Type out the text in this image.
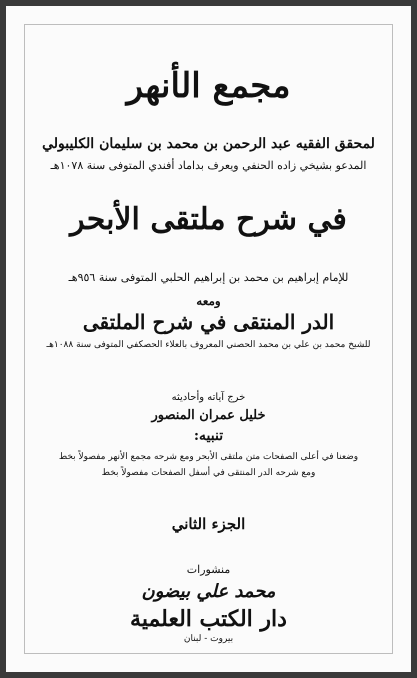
مجمع الأنهر
لمحقق الفقيه عبد الرحمن بن محمد بن سليمان الكليبولي
المدعو بشيخي زاده الحنفي ويعرف بداماد أفندي المتوفى سنة ١٠٧٨هـ
في شرح ملتقى الأبحر
للإمام إبراهيم بن محمد بن إبراهيم الحلبي المتوفى سنة ٩٥٦هـ
ومعه
الدر المنتقى في شرح الملتقى
للشيخ محمد بن علي بن محمد الحصني المعروف بالعلاء الحصكفي المتوفى سنة ١٠٨٨هـ
خرج آياته وأحاديثه
خليل عمران المنصور
تنبيه:
وضعنا في أعلى الصفحات متن ملتقى الأبحر ومع شرحه مجمع الأنهر مفصولاً بخط
ومع شرحه الدر المنتقى في أسفل الصفحات مفصولاً بخط
الجزء الثاني
منشورات
محمد علي بيضون
دار الكتب العلمية
بيروت - لبنان
